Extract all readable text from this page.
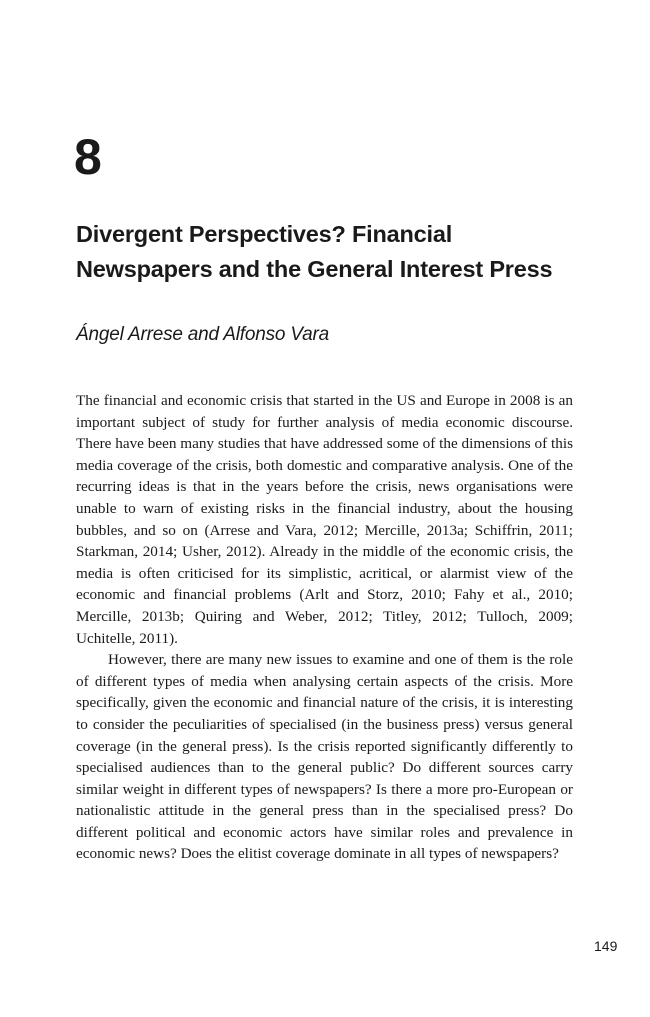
8
Divergent Perspectives? Financial
Newspapers and the General Interest Press
Ángel Arrese and Alfonso Vara

The financial and economic crisis that started in the US and Europe in 2008 is an important subject of study for further analysis of media economic discourse. There have been many studies that have addressed some of the dimensions of this media coverage of the crisis, both domestic and comparative analysis. One of the recurring ideas is that in the years before the crisis, news organisations were unable to warn of existing risks in the financial industry, about the housing bubbles, and so on (Arrese and Vara, 2012; Mercille, 2013a; Schiffrin, 2011; Starkman, 2014; Usher, 2012). Already in the middle of the economic crisis, the media is often criticised for its simplistic, acritical, or alarmist view of the economic and financial problems (Arlt and Storz, 2010; Fahy et al., 2010; Mercille, 2013b; Quiring and Weber, 2012; Titley, 2012; Tulloch, 2009; Uchitelle, 2011).

However, there are many new issues to examine and one of them is the role of different types of media when analysing certain aspects of the crisis. More specifically, given the economic and financial nature of the crisis, it is interesting to consider the peculiarities of specialised (in the business press) versus general coverage (in the general press). Is the crisis reported significantly differently to specialised audiences than to the general public? Do different sources carry similar weight in different types of newspapers? Is there a more pro-European or nationalistic attitude in the general press than in the specialised press? Do different political and economic actors have similar roles and prevalence in economic news? Does the elitist coverage dominate in all types of newspapers?

149
